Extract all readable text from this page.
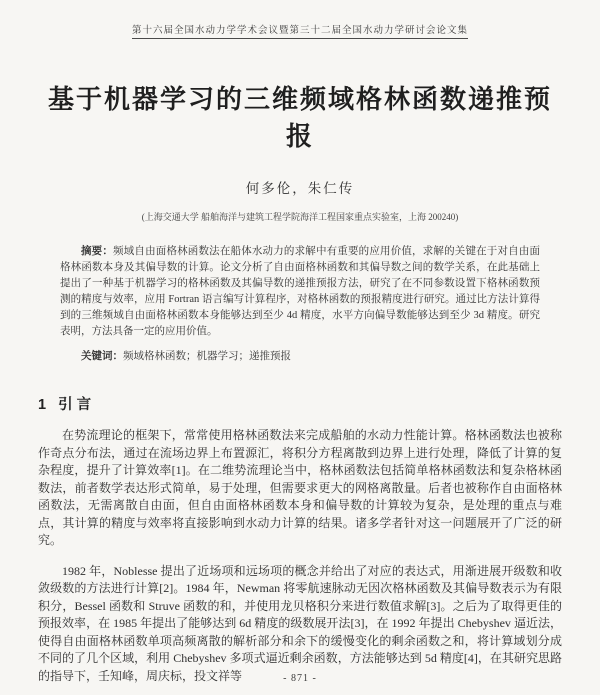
第十六届全国水动力学学术会议暨第三十二届全国水动力学研讨会论文集
基于机器学习的三维频域格林函数递推预报
何多伦，朱仁传
(上海交通大学 船舶海洋与建筑工程学院海洋工程国家重点实验室，上海 200240)

摘要：频域自由面格林函数法在船体水动力的求解中有重要的应用价值，求解的关键在于对自由面格林函数本身及其偏导数的计算。论文分析了自由面格林函数和其偏导数之间的数学关系，在此基础上提出了一种基于机器学习的格林函数及其偏导数的递推预报方法，研究了在不同参数设置下格林函数预测的精度与效率，应用 Fortran 语言编写计算程序，对格林函数的预报精度进行研究。通过比方法计算得到的三维频域自由面格林函数本身能够达到至少 4d 精度，水平方向偏导数能够达到至少 3d 精度。研究表明，方法具备一定的应用价值。

关键词：频域格林函数；机器学习；递推预报

1 引言

在势流理论的框架下，常常使用格林函数法来完成船舶的水动力性能计算。格林函数法也被称作奇点分布法，通过在流场边界上布置源汇，将积分方程离散到边界上进行处理，降低了计算的复杂程度，提升了计算效率[1]。在二维势流理论当中，格林函数法包括简单格林函数法和复杂格林函数法，前者数学表达形式简单，易于处理，但需要求更大的网格离散量。后者也被称作自由面格林函数法，无需离散自由面，但自由面格林函数本身和偏导数的计算较为复杂，是处理的重点与难点，其计算的精度与效率将直接影响到水动力计算的结果。诸多学者针对这一问题展开了广泛的研究。

1982 年，Noblesse 提出了近场项和远场项的概念并给出了对应的表达式，用渐进展开级数和收敛级数的方法进行计算[2]。1984 年，Newman 将零航速脉动无因次格林函数及其偏导数表示为有限积分，Bessel 函数和 Struve 函数的和，并使用龙贝格积分来进行数值求解[3]。之后为了取得更佳的预报效率，在 1985 年提出了能够达到 6d 精度的级数展开法[3]，在 1992 年提出 Chebyshev 逼近法，使得自由面格林函数单项高频离散的解析部分和余下的缓慢变化的剩余函数之和，将计算域划分成不同的了几个区域，利用 Chebyshev 多项式逼近剩余函数，方法能够达到 5d 精度[4]，在其研究思路的指导下，壬知峰，周庆标，投文祥等	- 871 -
